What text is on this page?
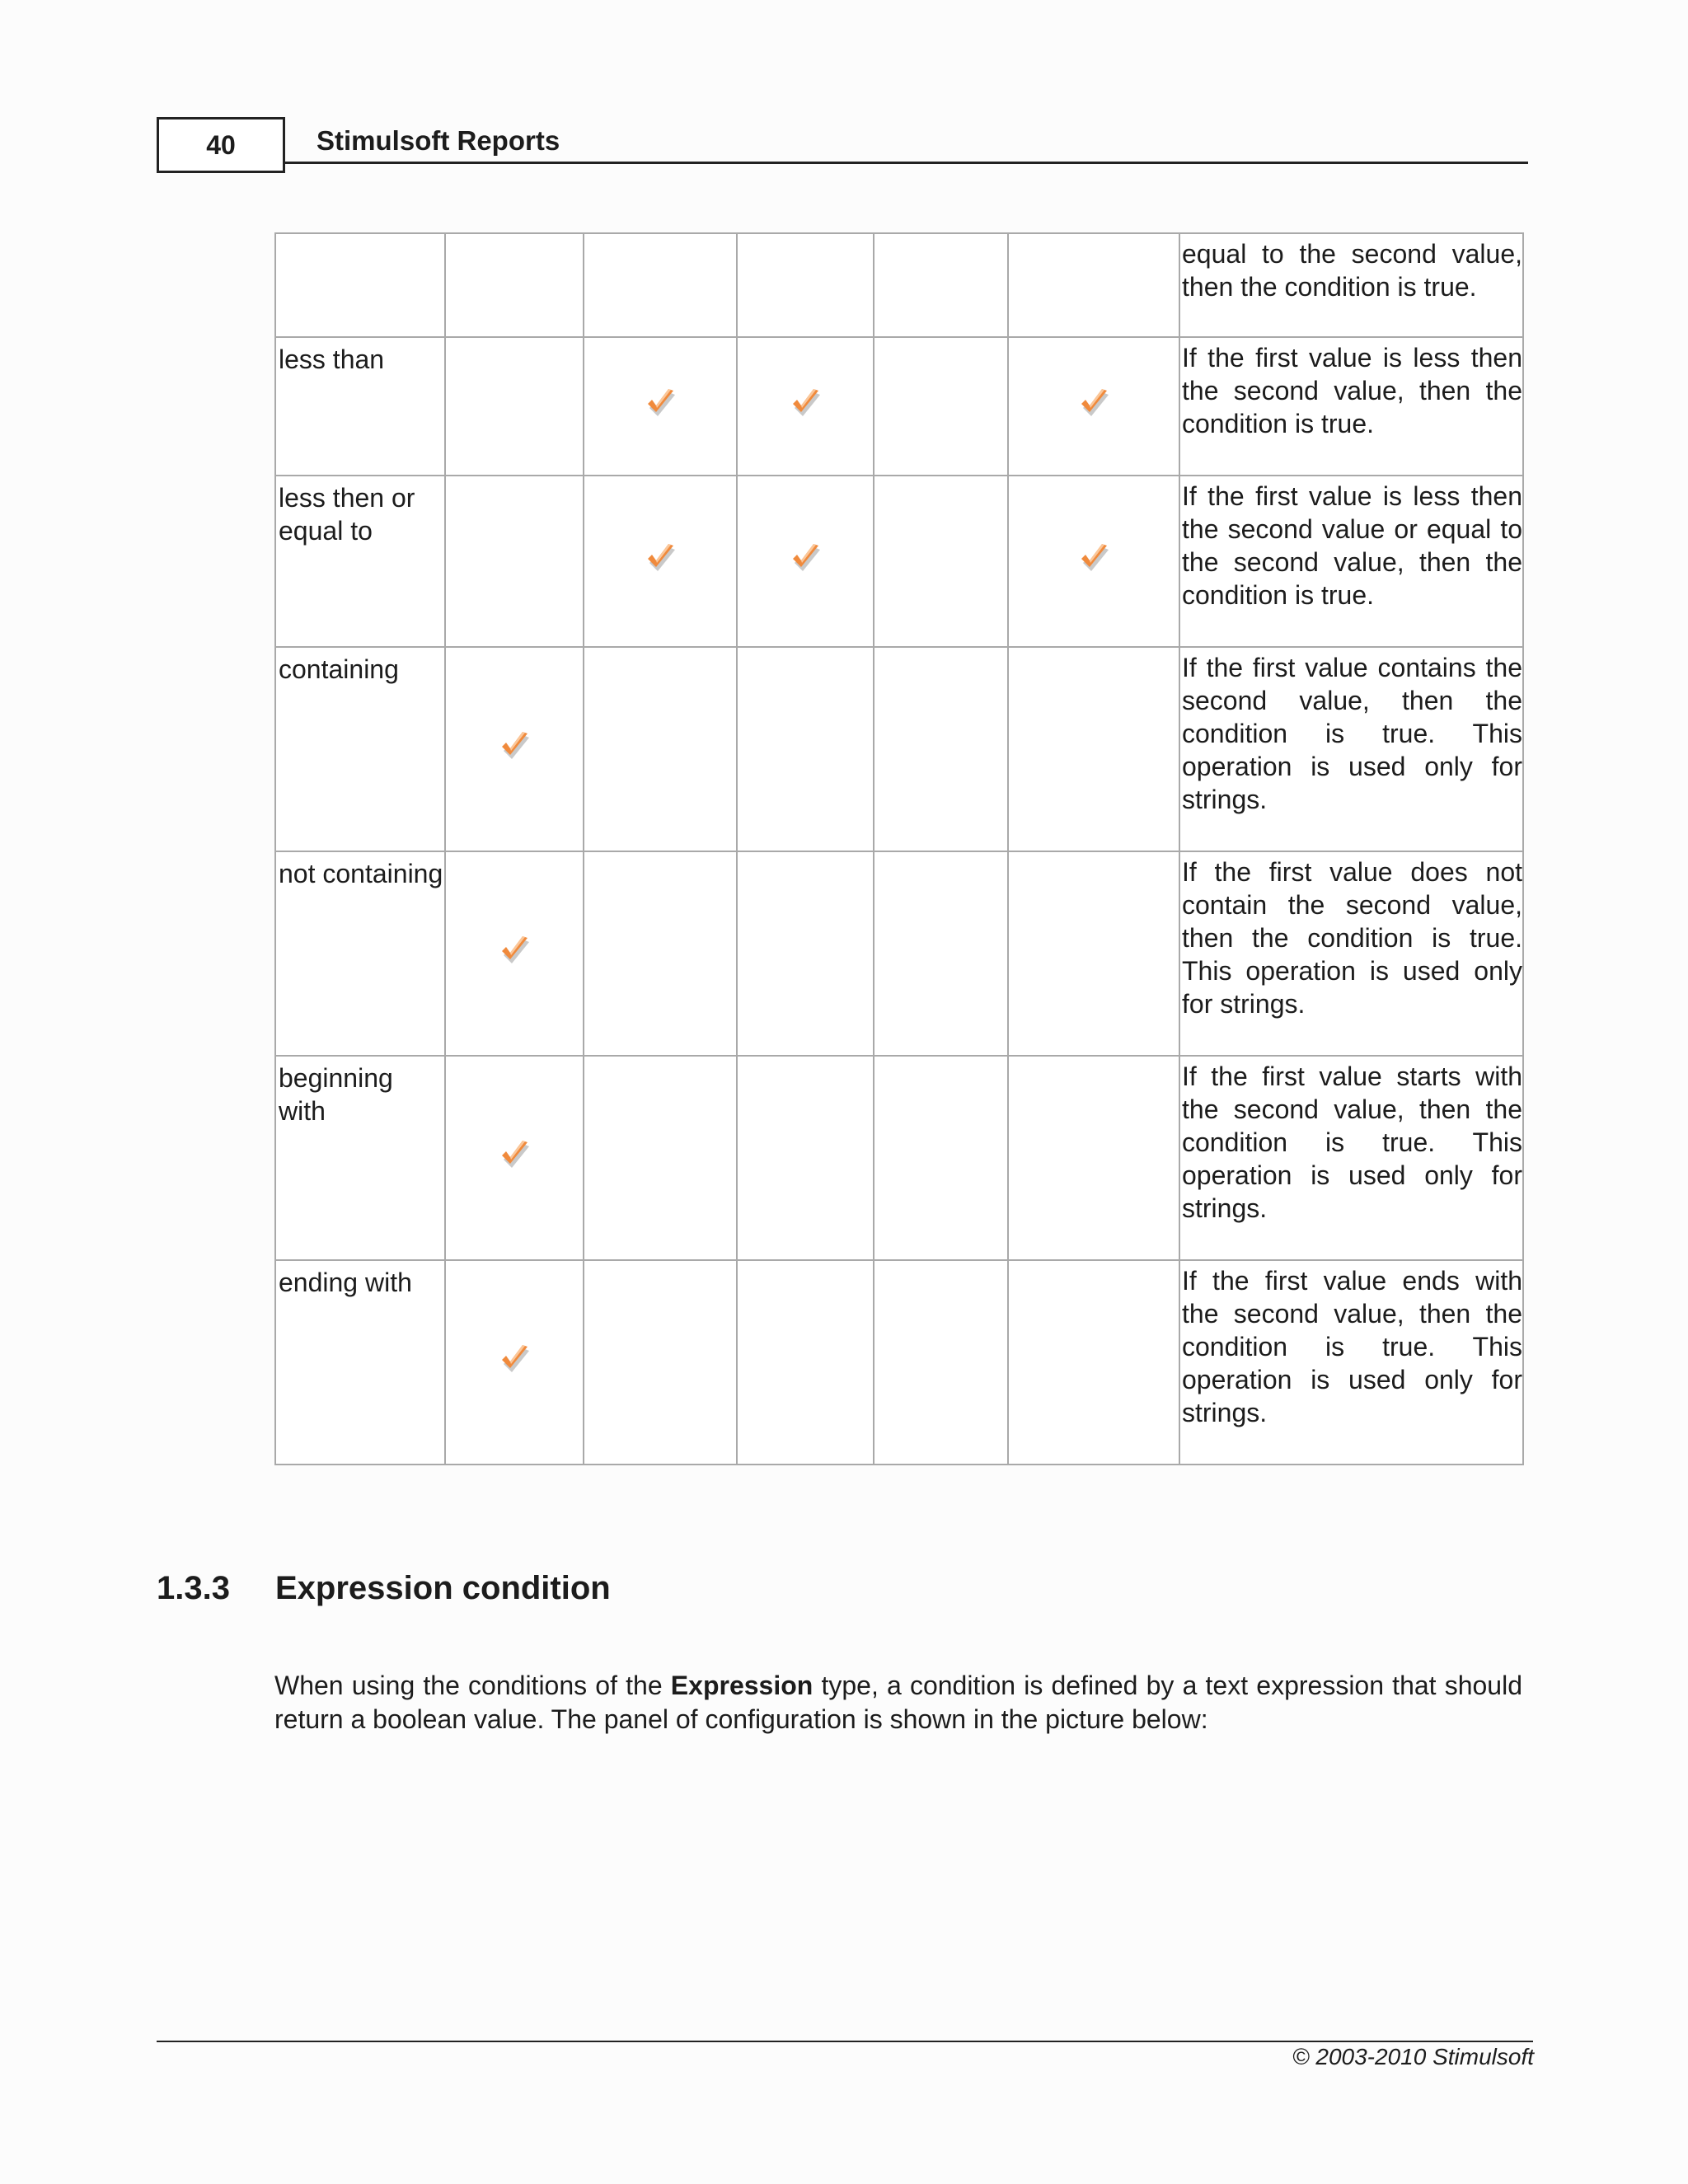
40	Stimulsoft Reports
						equal to the second value, then the condition is true.
less than						If the first value is less then the second value, then the condition is true.
less then or equal to						If the first value is less then the second value or equal to the second value, then the condition is true.
containing						If the first value contains the second value, then the condition is true. This operation is used only for strings.
not containing						If the first value does not contain the second value, then the condition is true. This operation is used only for strings.
beginning with						If the first value starts with the second value, then the condition is true. This operation is used only for strings.
ending with						If the first value ends with the second value, then the condition is true. This operation is used only for strings.
1.3.3 Expression condition

When using the conditions of the Expression type, a condition is defined by a text expression that should return a boolean value. The panel of configuration is shown in the picture below:

© 2003-2010 Stimulsoft
